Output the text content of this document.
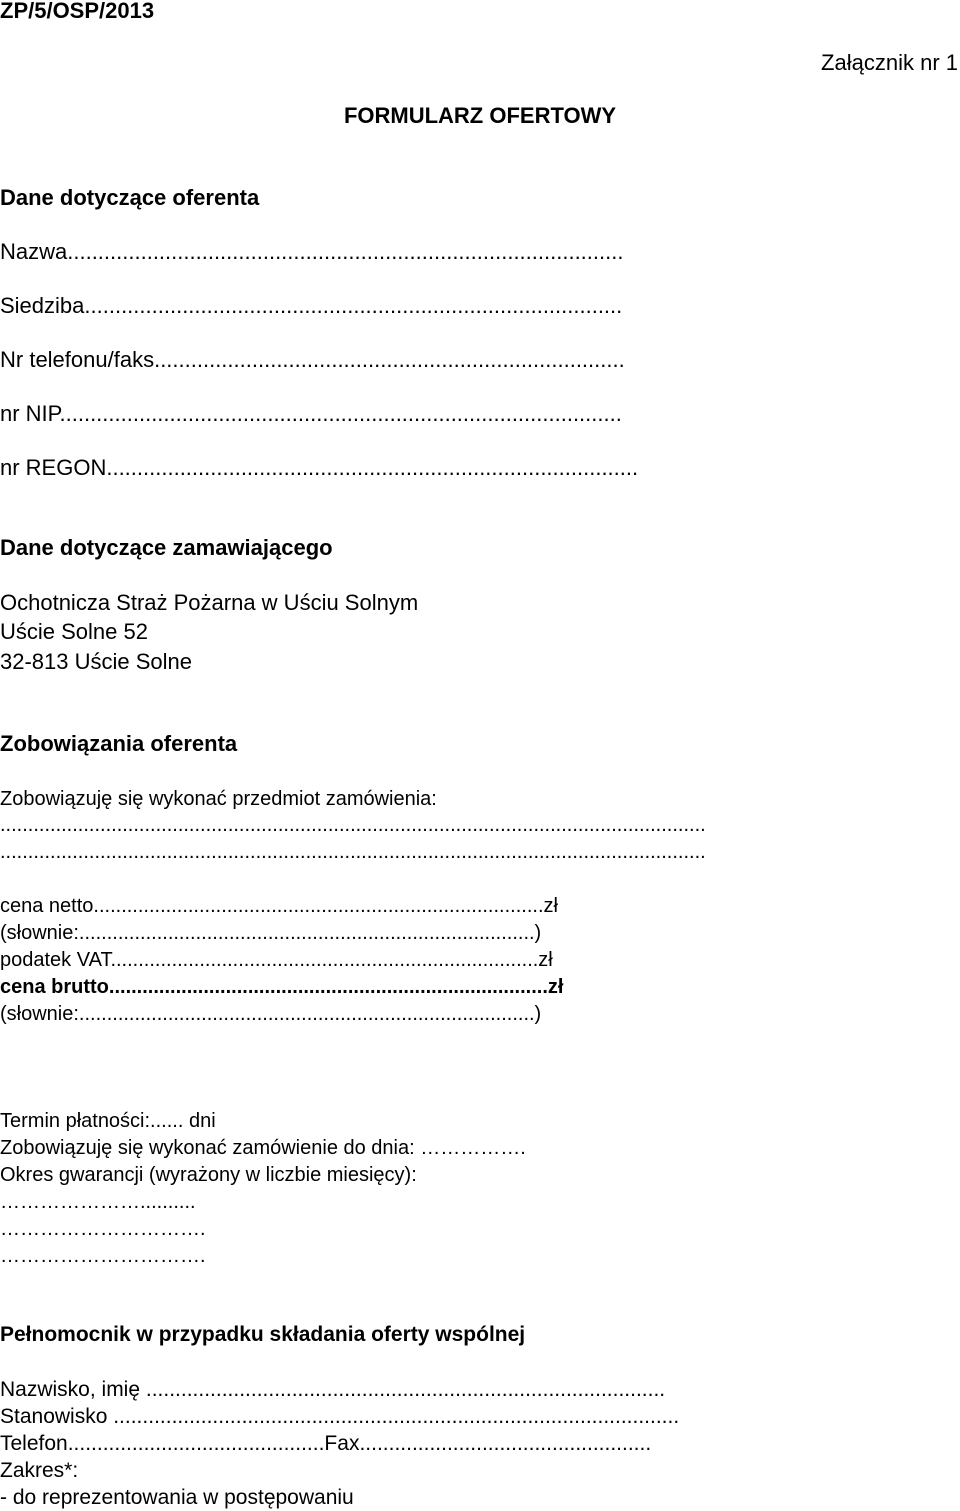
ZP/5/OSP/2013
Załącznik nr 1
FORMULARZ OFERTOWY
Dane dotyczące oferenta
Nazwa...........................................................................................
Siedziba........................................................................................
Nr telefonu/faks.............................................................................
nr NIP............................................................................................
nr REGON.......................................................................................
Dane dotyczące zamawiającego
Ochotnicza Straż Pożarna w Uściu Solnym
Uście Solne 52
32-813 Uście Solne
Zobowiązania oferenta
Zobowiązuję się wykonać przedmiot zamówienia:
...............................................................................................................................
...............................................................................................................................
cena netto.................................................................................zł
(słownie:..................................................................................)
podatek VAT.............................................................................zł
cena brutto...............................................................................zł
(słownie:..................................................................................)
Termin płatności:...... dni
Zobowiązuję się wykonać zamówienie do dnia: …………….
Okres gwarancji (wyrażony w liczbie miesięcy):
…………………..........
………………………….
………………………….
Pełnomocnik w przypadku składania oferty wspólnej
Nazwisko, imię .........................................................................................
Stanowisko .................................................................................................
Telefon............................................Fax..................................................
Zakres*:
- do reprezentowania w postępowaniu
